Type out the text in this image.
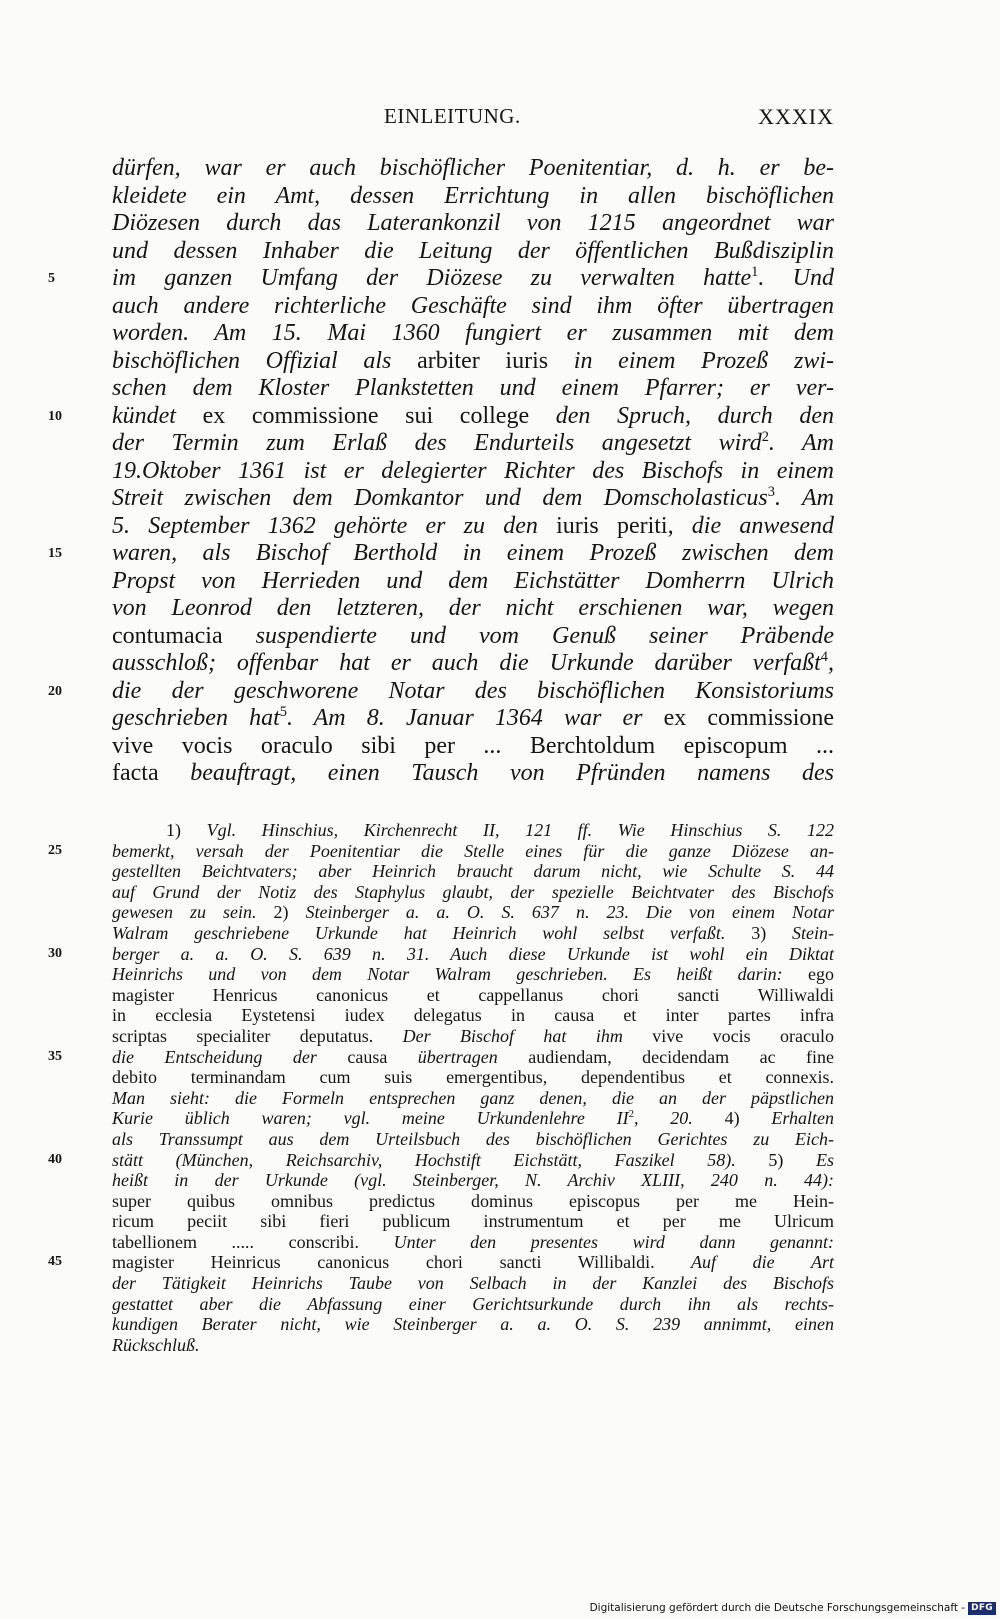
EINLEITUNG.	XXXIX
dürfen, war er auch bischöflicher Poenitentiar, d. h. er be-
kleidete ein Amt, dessen Errichtung in allen bischöflichen
Diözesen durch das Laterankonzil von 1215 angeordnet war
und dessen Inhaber die Leitung der öffentlichen Bußdisziplin
5	im ganzen Umfang der Diözese zu verwalten hatte$^1$. Und
auch andere richterliche Geschäfte sind ihm öfter übertragen
worden. Am 15. Mai 1360 fungiert er zusammen mit dem
bischöflichen Offizial als arbiter iuris in einem Prozeß zwi-
schen dem Kloster Plankstetten und einem Pfarrer; er ver-
10	kündet ex commissione sui college den Spruch, durch den
der Termin zum Erlaß des Endurteils angesetzt wird$^2$. Am
19.Oktober 1361 ist er delegierter Richter des Bischofs in einem
Streit zwischen dem Domkantor und dem Domscholasticus$^3$. Am
5. September 1362 gehörte er zu den iuris periti, die anwesend
15	waren, als Bischof Berthold in einem Prozeß zwischen dem
Propst von Herrieden und dem Eichstätter Domherrn Ulrich
von Leonrod den letzteren, der nicht erschienen war, wegen
contumacia suspendierte und vom Genuß seiner Präbende
ausschloß; offenbar hat er auch die Urkunde darüber verfaßt$^4$,
20	die der geschworene Notar des bischöflichen Konsistoriums
geschrieben hat$^5$. Am 8. Januar 1364 war er ex commissione
vive vocis oraculo sibi per ... Berchtoldum episcopum ...
facta beauftragt, einen Tausch von Pfründen namens des
1) Vgl. Hinschius, Kirchenrecht II, 121 ff. Wie Hinschius S. 122
25	bemerkt, versah der Poenitentiar die Stelle eines für die ganze Diözese an-
gestellten Beichtvaters; aber Heinrich braucht darum nicht, wie Schulte S. 44
auf Grund der Notiz des Staphylus glaubt, der spezielle Beichtvater des Bischofs
gewesen zu sein. 2) Steinberger a. a. O. S. 637 n. 23. Die von einem Notar
Walram geschriebene Urkunde hat Heinrich wohl selbst verfaßt. 3) Stein-
30	berger a. a. O. S. 639 n. 31. Auch diese Urkunde ist wohl ein Diktat
Heinrichs und von dem Notar Walram geschrieben. Es heißt darin: ego
magister Henricus canonicus et cappellanus chori sancti Williwaldi
in ecclesia Eystetensi iudex delegatus in causa et inter partes infra
scriptas specialiter deputatus. Der Bischof hat ihm vive vocis oraculo
35	die Entscheidung der causa übertragen audiendam, decidendam ac fine
debito terminandam cum suis emergentibus, dependentibus et connexis.
Man sieht: die Formeln entsprechen ganz denen, die an der päpstlichen
Kurie üblich waren; vgl. meine Urkundenlehre $II^2$, 20. 4) Erhalten
als Transsumpt aus dem Urteilsbuch des bischöflichen Gerichtes zu Eich-
40	stätt (München, Reichsarchiv, Hochstift Eichstätt, Faszikel 58). 5) Es
heißt in der Urkunde (vgl. Steinberger, N. Archiv XLIII, 240 n. 44):
super quibus omnibus predictus dominus episcopus per me Hein-
ricum peciit sibi fieri publicum instrumentum et per me Ulricum
tabellionem ..... conscribi. Unter den presentes wird dann genannt:
45	magister Heinricus canonicus chori sancti Willibaldi. Auf die Art
der Tätigkeit Heinrichs Taube von Selbach in der Kanzlei des Bischofs
gestattet aber die Abfassung einer Gerichtsurkunde durch ihn als rechts-
kundigen Berater nicht, wie Steinberger a. a. O. S. 239 annimmt, einen
Rückschluß.
Digitalisierung gefördert durch die Deutsche Forschungsgemeinschaft - DFG
